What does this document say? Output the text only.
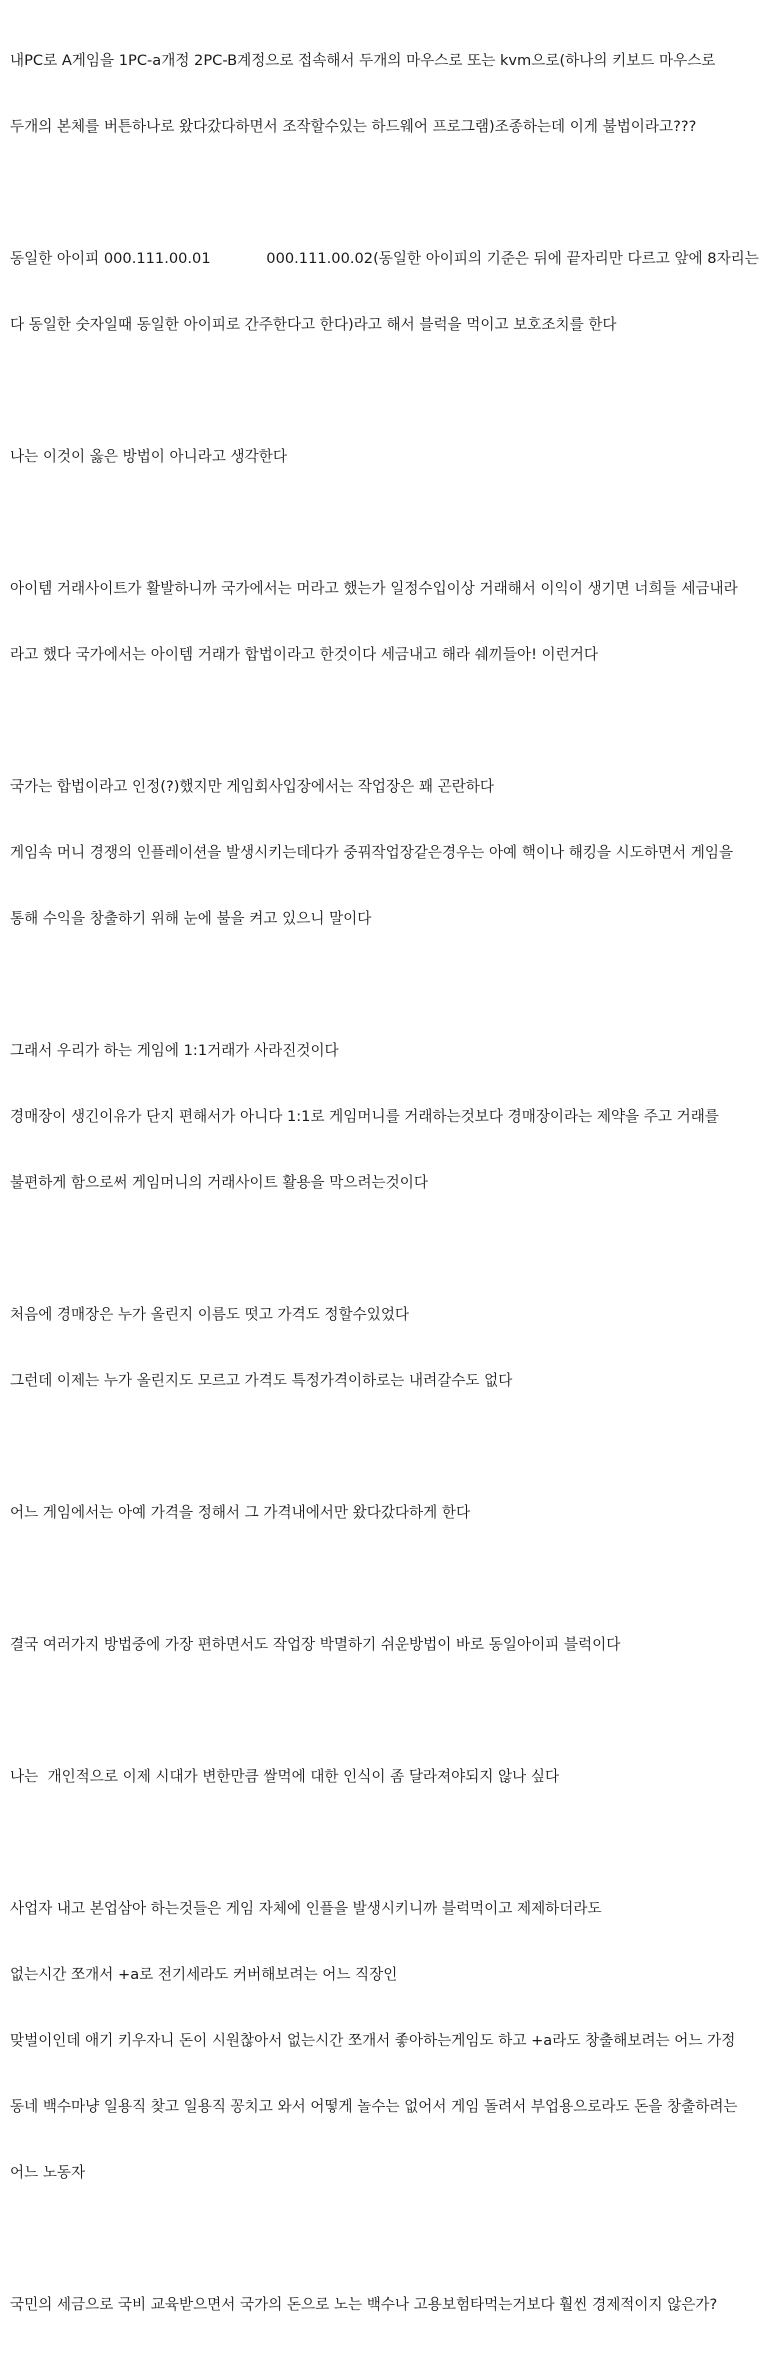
내PC로 A게임을 1PC-a개정 2PC-B계정으로 접속해서 두개의 마우스로 또는 kvm으로(하나의 키보드 마우스로

두개의 본체를 버튼하나로 왔다갔다하면서 조작할수있는 하드웨어 프로그램)조종하는데 이게 불법이라고???

동일한 아이피 000.111.00.01            000.111.00.02(동일한 아이피의 기준은 뒤에 끝자리만 다르고 앞에 8자리는

다 동일한 숫자일때 동일한 아이피로 간주한다고 한다)라고 해서 블럭을 먹이고 보호조치를 한다

나는 이것이 옳은 방법이 아니라고 생각한다

아이템 거래사이트가 활발하니까 국가에서는 머라고 했는가 일정수입이상 거래해서 이익이 생기면 너희들 세금내라

라고 했다 국가에서는 아이템 거래가 합법이라고 한것이다 세금내고 해라 쉐끼들아! 이런거다

국가는 합법이라고 인정(?)했지만 게임회사입장에서는 작업장은 꽤 곤란하다

게임속 머니 경쟁의 인플레이션을 발생시키는데다가 중꿔작업장같은경우는 아예 핵이나 해킹을 시도하면서 게임을

통해 수익을 창출하기 위해 눈에 불을 켜고 있으니 말이다

그래서 우리가 하는 게임에 1:1거래가 사라진것이다

경매장이 생긴이유가 단지 편해서가 아니다 1:1로 게임머니를 거래하는것보다 경매장이라는 제약을 주고 거래를

불편하게 함으로써 게임머니의 거래사이트 활용을 막으려는것이다

처음에 경매장은 누가 올린지 이름도 떳고 가격도 정할수있었다

그런데 이제는 누가 올린지도 모르고 가격도 특정가격이하로는 내려갈수도 없다

어느 게임에서는 아예 가격을 정해서 그 가격내에서만 왔다갔다하게 한다

결국 여러가지 방법중에 가장 편하면서도 작업장 박멸하기 쉬운방법이 바로 동일아이피 블럭이다

나는  개인적으로 이제 시대가 변한만큼 쌀먹에 대한 인식이 좀 달라져야되지 않나 싶다

사업자 내고 본업삼아 하는것들은 게임 자체에 인플을 발생시키니까 블럭먹이고 제제하더라도

없는시간 쪼개서 +a로 전기세라도 커버해보려는 어느 직장인

맞벌이인데 애기 키우자니 돈이 시원찮아서 없는시간 쪼개서 좋아하는게임도 하고 +a라도 창출해보려는 어느 가정

동네 백수마냥 일용직 찾고 일용직 꽁치고 와서 어떻게 놀수는 없어서 게임 돌려서 부업용으로라도 돈을 창출하려는

어느 노동자

국민의 세금으로 국비 교육받으면서 국가의 돈으로 노는 백수나 고용보험타먹는거보다 훨씬 경제적이지 않은가?
